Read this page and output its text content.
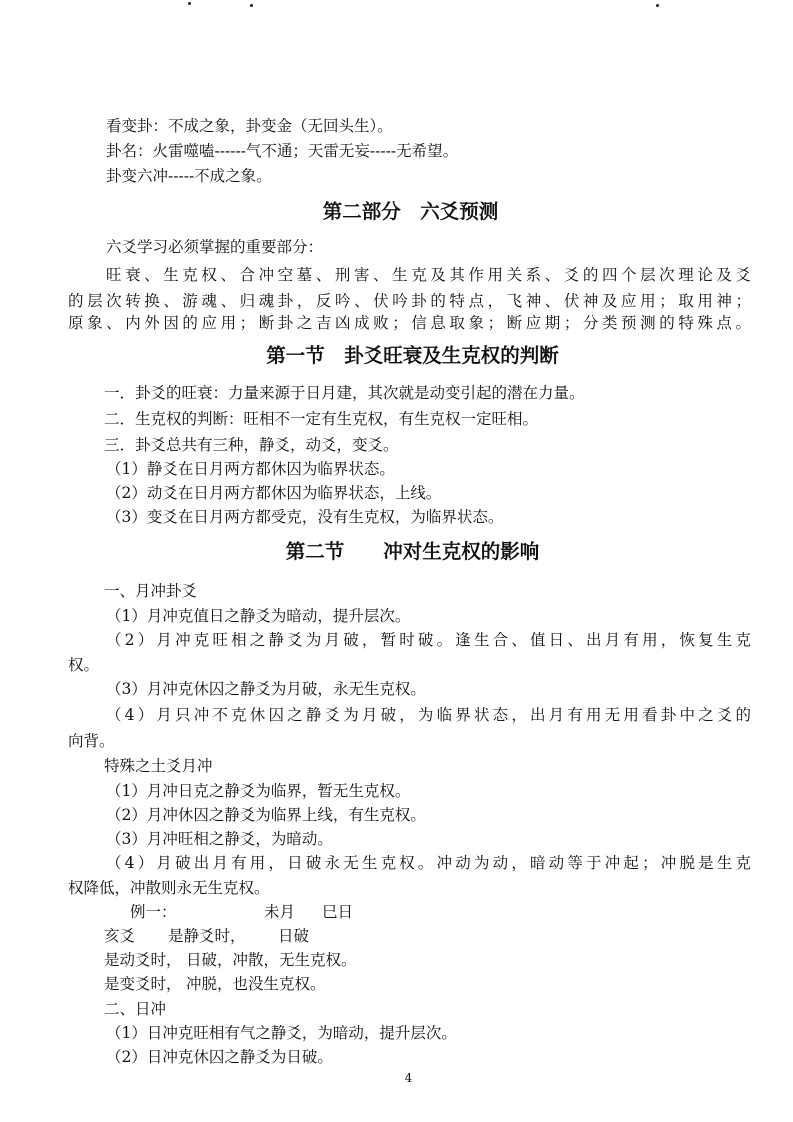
看变卦：不成之象，卦变金（无回头生）。
卦名：火雷噬嗑------气不通；天雷无妄-----无希望。
卦变六冲-----不成之象。
第二部分　六爻预测
六爻学习必须掌握的重要部分：
旺衰、生克权、合冲空墓、刑害、生克及其作用关系、爻的四个层次理论及爻
的层次转换、游魂、归魂卦，反吟、伏吟卦的特点，飞神、伏神及应用；取用神；
原象、内外因的应用；断卦之吉凶成败；信息取象；断应期；分类预测的特殊点。
第一节　卦爻旺衰及生克权的判断
一．卦爻的旺衰：力量来源于日月建，其次就是动变引起的潜在力量。
二．生克权的判断：旺相不一定有生克权，有生克权一定旺相。
三．卦爻总共有三种，静爻，动爻，变爻。
（1）静爻在日月两方都休囚为临界状态。
（2）动爻在日月两方都休囚为临界状态，上线。
（3）变爻在日月两方都受克，没有生克权，为临界状态。
第二节　　冲对生克权的影响
一、月冲卦爻
（1）月冲克值日之静爻为暗动，提升层次。
（2）月冲克旺相之静爻为月破，暂时破。逢生合、值日、出月有用，恢复生克
权。
（3）月冲克休囚之静爻为月破，永无生克权。
（4）月只冲不克休囚之静爻为月破，为临界状态，出月有用无用看卦中之爻的
向背。
特殊之土爻月冲
（1）月冲日克之静爻为临界，暂无生克权。
（2）月冲休囚之静爻为临界上线，有生克权。
（3）月冲旺相之静爻，为暗动。
（4）月破出月有用，日破永无生克权。冲动为动，暗动等于冲起；冲脱是生克
权降低，冲散则永无生克权。
例一：	未月	巳日
亥爻	是静爻时，	日破
是动爻时， 日破，冲散，无生克权。
是变爻时， 冲脱，也没生克权。
二、日冲
（1）日冲克旺相有气之静爻，为暗动，提升层次。
（2）日冲克休囚之静爻为日破。
4
